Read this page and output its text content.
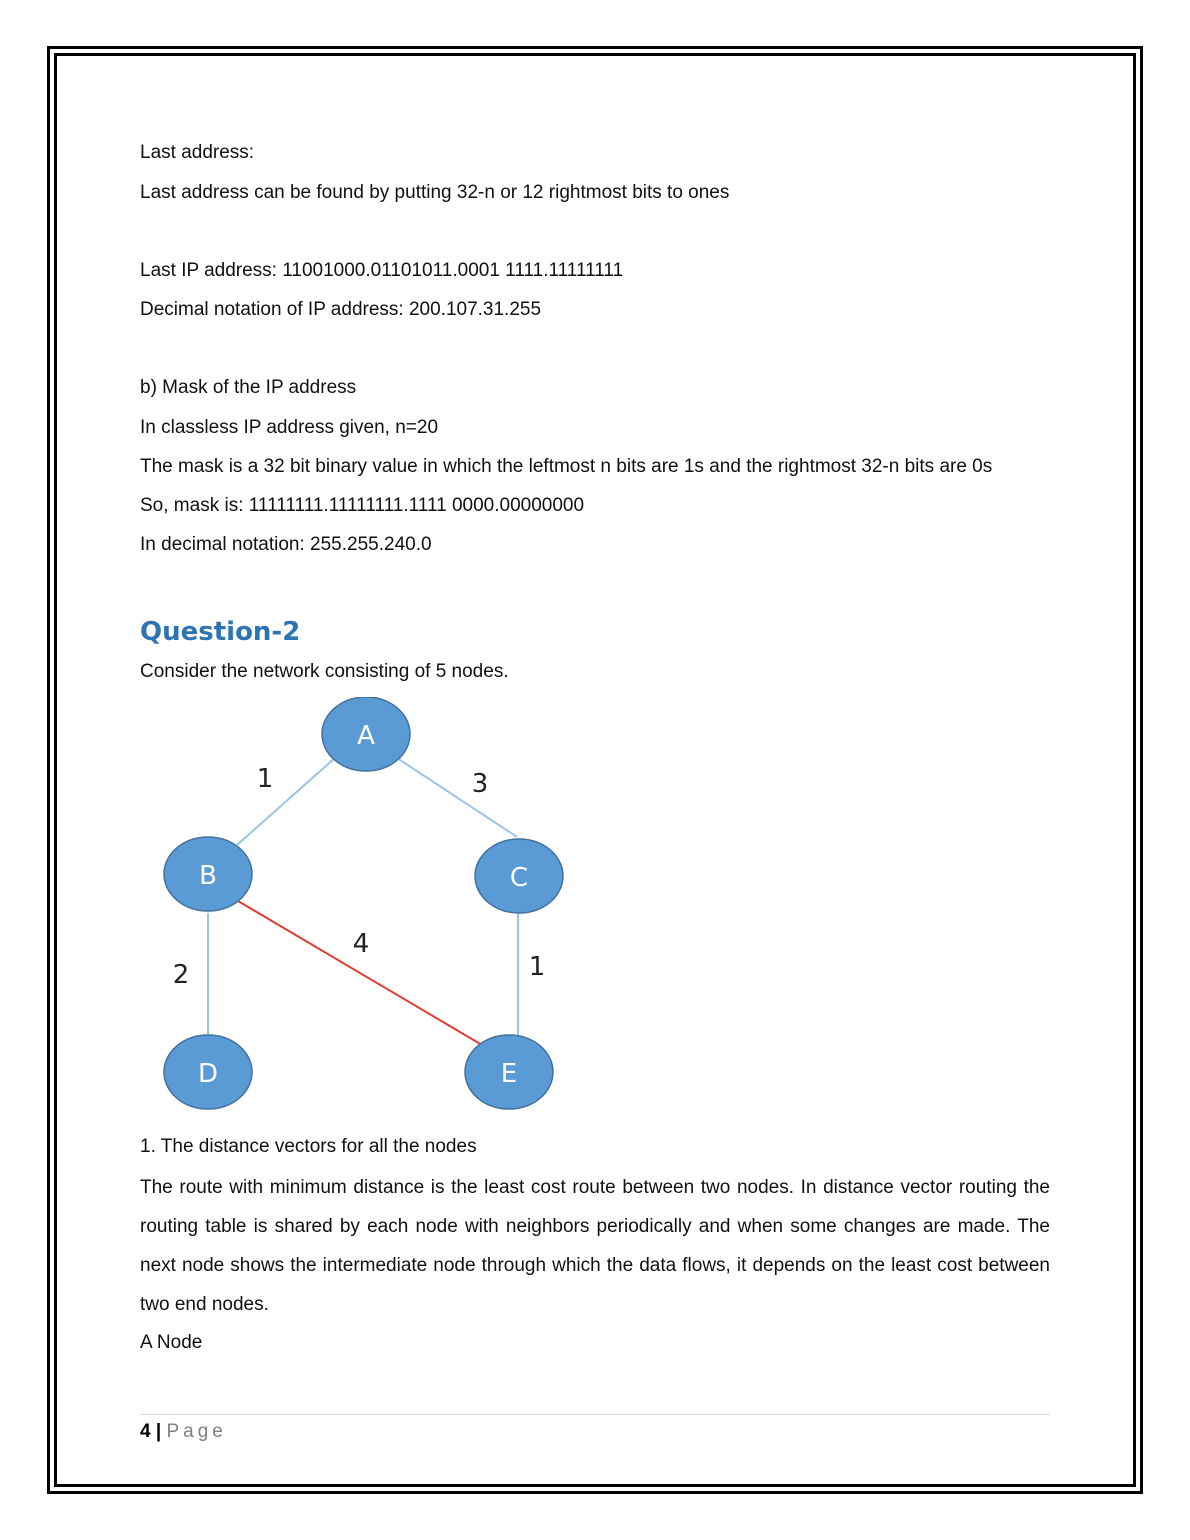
Last address:
Last address can be found by putting 32-n or 12 rightmost bits to ones
Last IP address: 11001000.01101011.0001 1111.11111111
Decimal notation of IP address: 200.107.31.255
b) Mask of the IP address
In classless IP address given, n=20
The mask is a 32 bit binary value in which the leftmost n bits are 1s and the rightmost 32-n bits are 0s
So, mask is: 11111111.11111111.1111 0000.00000000
In decimal notation: 255.255.240.0
Question-2
Consider the network consisting of 5 nodes.
1	3
2
4
1
A
B	C
D	E
1. The distance vectors for all the nodes
The route with minimum distance is the least cost route between two nodes. In distance vector routing the routing table is shared by each node with neighbors periodically and when some changes are made. The next node shows the intermediate node through which the data flows, it depends on the least cost between two end nodes.
A Node
4 | Page
